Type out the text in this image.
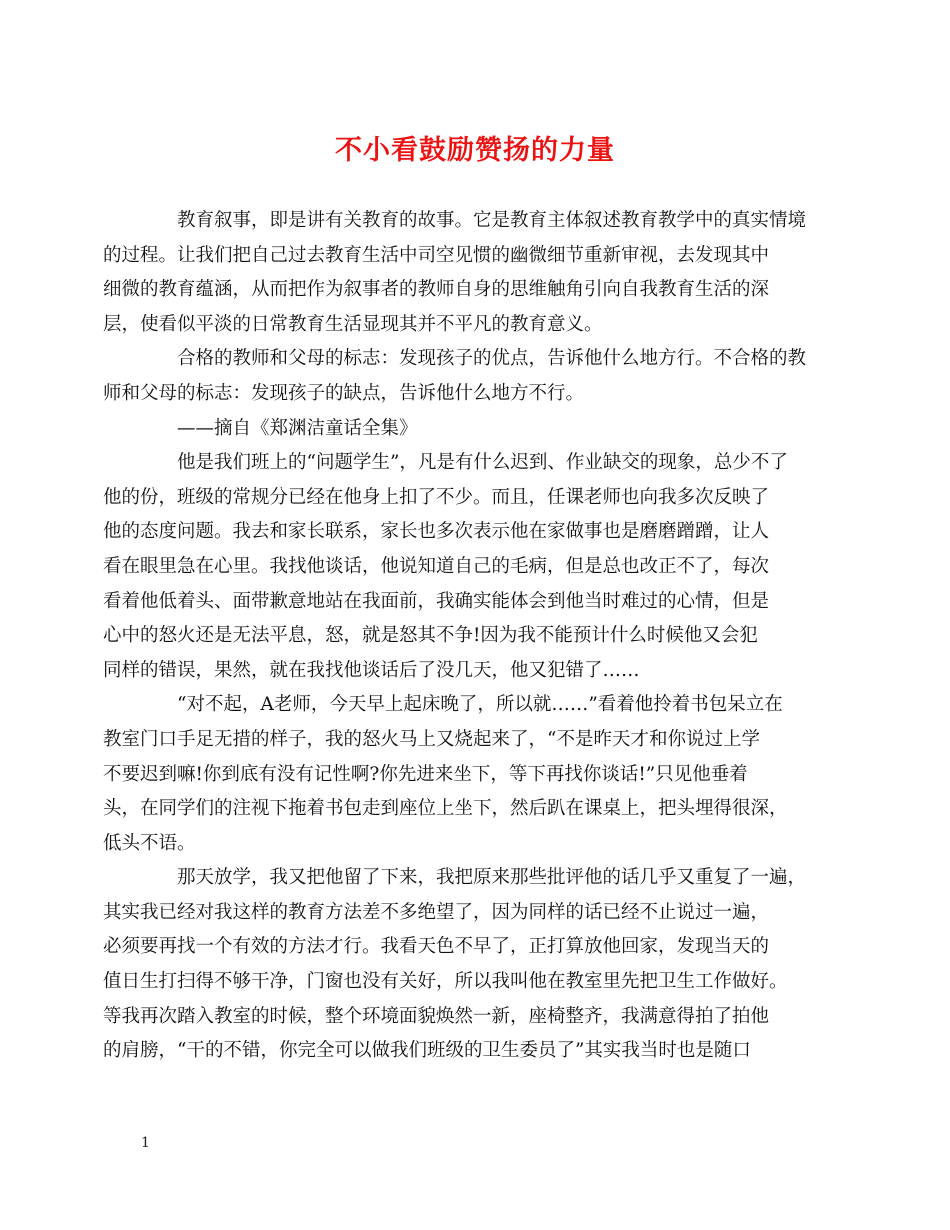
不小看鼓励赞扬的力量

教育叙事，即是讲有关教育的故事。它是教育主体叙述教育教学中的真实情境
的过程。让我们把自己过去教育生活中司空见惯的幽微细节重新审视，去发现其中
细微的教育蕴涵，从而把作为叙事者的教师自身的思维触角引向自我教育生活的深
层，使看似平淡的日常教育生活显现其并不平凡的教育意义。

合格的教师和父母的标志：发现孩子的优点，告诉他什么地方行。不合格的教
师和父母的标志：发现孩子的缺点，告诉他什么地方不行。

——摘自《郑渊洁童话全集》

他是我们班上的“问题学生”，凡是有什么迟到、作业缺交的现象，总少不了
他的份，班级的常规分已经在他身上扣了不少。而且，任课老师也向我多次反映了
他的态度问题。我去和家长联系，家长也多次表示他在家做事也是磨磨蹭蹭，让人
看在眼里急在心里。我找他谈话，他说知道自己的毛病，但是总也改正不了，每次
看着他低着头、面带歉意地站在我面前，我确实能体会到他当时难过的心情，但是
心中的怒火还是无法平息，怒，就是怒其不争!因为我不能预计什么时候他又会犯
同样的错误，果然，就在我找他谈话后了没几天，他又犯错了……

“对不起，A老师，今天早上起床晚了，所以就……”看着他拎着书包呆立在
教室门口手足无措的样子，我的怒火马上又烧起来了，“不是昨天才和你说过上学
不要迟到嘛!你到底有没有记性啊?你先进来坐下，等下再找你谈话!”只见他垂着
头，在同学们的注视下拖着书包走到座位上坐下，然后趴在课桌上，把头埋得很深，
低头不语。

那天放学，我又把他留了下来，我把原来那些批评他的话几乎又重复了一遍，
其实我已经对我这样的教育方法差不多绝望了，因为同样的话已经不止说过一遍，
必须要再找一个有效的方法才行。我看天色不早了，正打算放他回家，发现当天的
值日生打扫得不够干净，门窗也没有关好，所以我叫他在教室里先把卫生工作做好。
等我再次踏入教室的时候，整个环境面貌焕然一新，座椅整齐，我满意得拍了拍他
的肩膀，“干的不错，你完全可以做我们班级的卫生委员了”其实我当时也是随口

1
